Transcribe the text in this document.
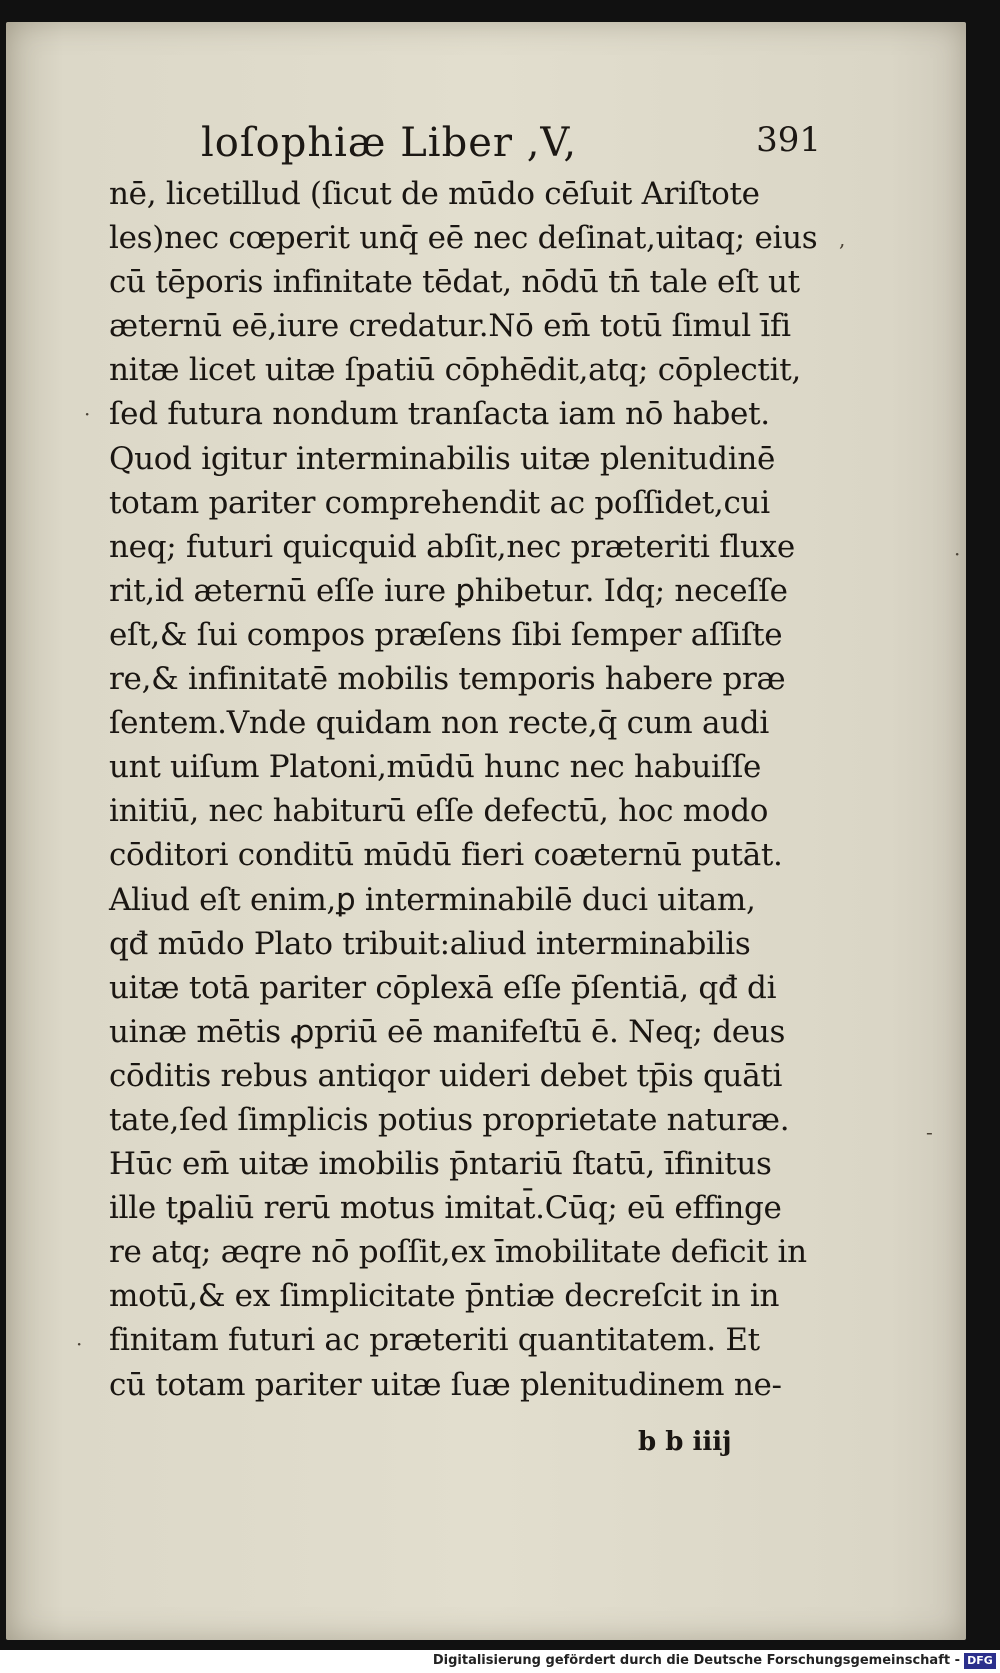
loſophiæ Liber ,V,	391
nē, licetillud (ſicut de mūdo cēſuit Ariſtote
les)nec cœperit unq̄ eē nec deſinat,uitaq; eius
cū tēporis infinitate tēdat, nōdū tn̄ tale eſt ut
æternū eē,iure credatur.Nō em̄ totū ſimul īfi
nitæ licet uitæ ſpatiū cōphēdit,atq; cōplectit,
ſed futura nondum tranſacta iam nō habet.
Quod igitur interminabilis uitæ plenitudinē
totam pariter comprehendit ac poſſidet,cui
neq; futuri quicquid abſit,nec præteriti fluxe
rit,id æternū eſſe iure ꝑhibetur. Idq; neceſſe
eſt,& ſui compos præſens ſibi ſemper aſſiſte
re,& infinitatē mobilis temporis habere præ
ſentem.Vnde quidam non recte,q̄ cum audi
unt uiſum Platoni,mūdū hunc nec habuiſſe
initiū, nec habiturū eſſe defectū, hoc modo
cōditori conditū mūdū fieri coæternū putāt.
Aliud eſt enim,ꝑ interminabilē duci uitam,
qđ mūdo Plato tribuit:aliud interminabilis
uitæ totā pariter cōplexā eſſe p̄ſentiā, qđ di
uinæ mētis ꝓpriū eē manifeſtū ē. Neq; deus
cōditis rebus antiqor uideri debet tp̄is quāti
tate,ſed ſimplicis potius proprietate naturæ.
Hūc em̄ uitæ imobilis p̄ntariū ſtatū, īfinitus
ille tꝑaliū rerū motus imitat̄.Cūq; eū effinge
re atq; æqre nō poſſit,ex īmobilitate deficit in
motū,& ex ſimplicitate p̄ntiæ decreſcit in in
finitam futuri ac præteriti quantitatem. Et
cū totam pariter uitæ ſuæ plenitudinem ne-
b b iiij
,
·
·
-
·
Digitalisierung gefördert durch die Deutsche Forschungsgemeinschaft - DFG
